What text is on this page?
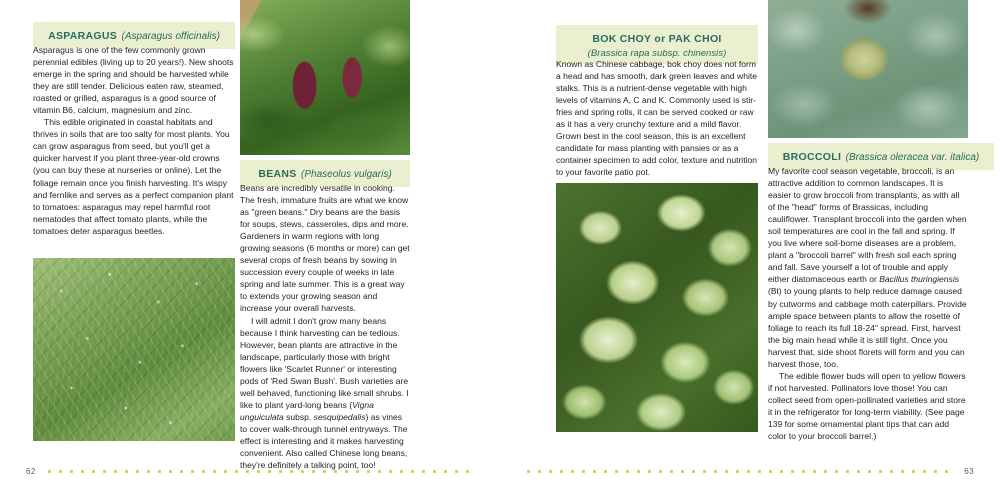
ASPARAGUS (Asparagus officinalis)

Asparagus is one of the few commonly grown perennial edibles (living up to 20 years!). New shoots emerge in the spring and should be harvested while they are still tender. Delicious eaten raw, steamed, roasted or grilled, asparagus is a good source of vitamin B6, calcium, magnesium and zinc.

This edible originated in coastal habitats and thrives in soils that are too salty for most plants. You can grow asparagus from seed, but you'll get a quicker harvest if you plant three-year-old crowns (you can buy these at nurseries or online). Let the foliage remain once you finish harvesting. It's wispy and fernlike and serves as a perfect companion plant to tomatoes: asparagus may repel harmful root nematodes that affect tomato plants, while the tomatoes deter asparagus beetles.

BEANS (Phaseolus vulgaris)

Beans are incredibly versatile in cooking. The fresh, immature fruits are what we know as "green beans." Dry beans are the basis for soups, stews, casseroles, dips and more. Gardeners in warm regions with long growing seasons (6 months or more) can get several crops of fresh beans by sowing in succession every couple of weeks in late spring and late summer. This is a great way to extends your growing season and increase your overall harvests.

I will admit I don't grow many beans because I think harvesting can be tedious. However, bean plants are attractive in the landscape, particularly those with bright flowers like 'Scarlet Runner' or interesting pods of 'Red Swan Bush'. Bush varieties are well behaved, functioning like small shrubs. I like to plant yard-long beans (Vigna unguiculata subsp. sesquipedalis) as vines to cover walk-through tunnel entryways. The effect is interesting and it makes harvesting convenient. Also called Chinese long beans, they're definitely a talking point, too!

62
BOK CHOY or PAK CHOI
(Brassica rapa subsp. chinensis)

Known as Chinese cabbage, bok choy does not form a head and has smooth, dark green leaves and white stalks. This is a nutrient-dense vegetable with high levels of vitamins A, C and K. Commonly used is stir-fries and spring rolls, it can be served cooked or raw as it has a very crunchy texture and a mild flavor. Grown best in the cool season, this is an excellent candidate for mass planting with pansies or as a container specimen to add color, texture and nutrition to your favorite patio pot.

BROCCOLI (Brassica oleracea var. italica)

My favorite cool season vegetable, broccoli, is an attractive addition to common landscapes. It is easier to grow broccoli from transplants, as with all of the "head" forms of Brassicas, including cauliflower. Transplant broccoli into the garden when soil temperatures are cool in the fall and spring. If you live where soil-borne diseases are a problem, plant a "broccoli barrel" with fresh soil each spring and fall. Save yourself a lot of trouble and apply either diatomaceous earth or Bacillus thuringiensis (Bt) to young plants to help reduce damage caused by cutworms and cabbage moth caterpillars. Provide ample space between plants to allow the rosette of foliage to reach its full 18-24" spread. First, harvest the big main head while it is still tight. Once you harvest that, side shoot florets will form and you can harvest those, too.

The edible flower buds will open to yellow flowers if not harvested. Pollinators love those! You can collect seed from open-pollinated varieties and store it in the refrigerator for long-term viability. (See page 139 for some ornamental plant tips that can add color to your broccoli barrel.)

63
